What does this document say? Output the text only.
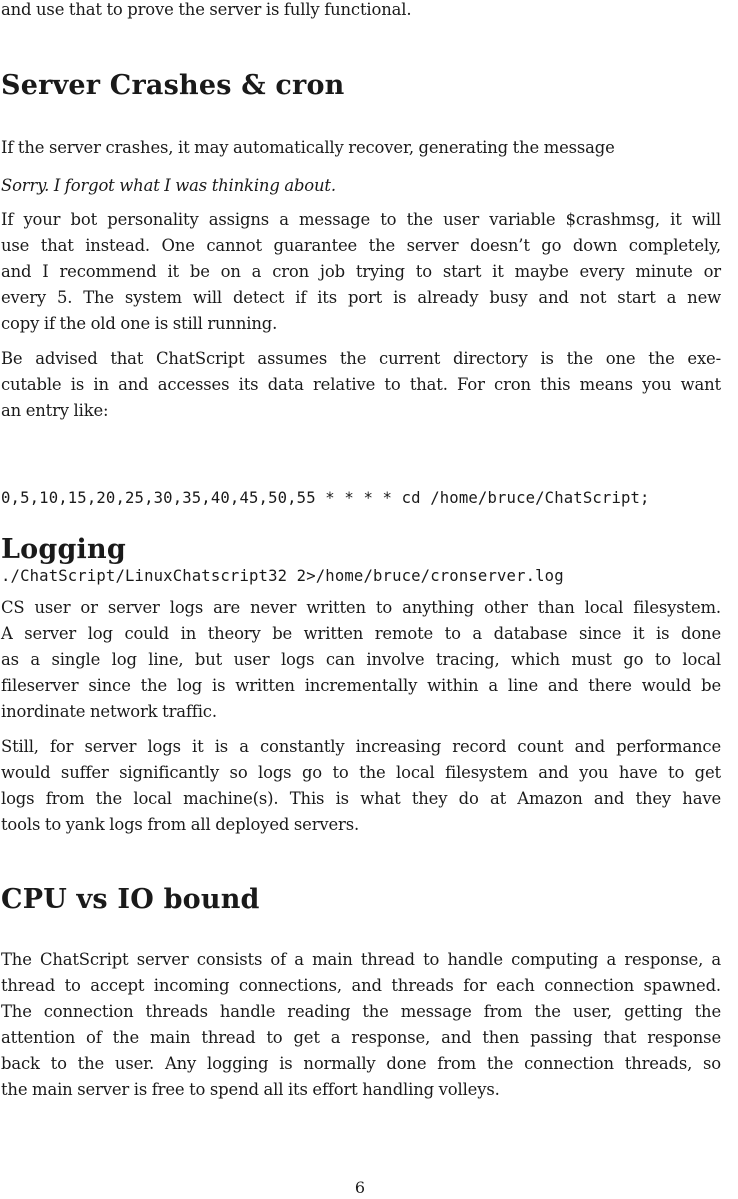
and use that to prove the server is fully functional.

Server Crashes & cron

If the server crashes, it may automatically recover, generating the message

Sorry. I forgot what I was thinking about.

If your bot personality assigns a message to the user variable $crashmsg, it will
use that instead. One cannot guarantee the server doesn’t go down completely,
and I recommend it be on a cron job trying to start it maybe every minute or
every 5. The system will detect if its port is already busy and not start a new
copy if the old one is still running.

Be advised that ChatScript assumes the current directory is the one the exe-
cutable is in and accesses its data relative to that. For cron this means you want
an entry like:

0,5,10,15,20,25,30,35,40,45,50,55 * * * * cd /home/bruce/ChatScript;

./ChatScript/LinuxChatscript32 2>/home/bruce/cronserver.log

Logging

CS user or server logs are never written to anything other than local filesystem.
A server log could in theory be written remote to a database since it is done
as a single log line, but user logs can involve tracing, which must go to local
fileserver since the log is written incrementally within a line and there would be
inordinate network traffic.

Still, for server logs it is a constantly increasing record count and performance
would suffer significantly so logs go to the local filesystem and you have to get
logs from the local machine(s). This is what they do at Amazon and they have
tools to yank logs from all deployed servers.

CPU vs IO bound

The ChatScript server consists of a main thread to handle computing a response, a
thread to accept incoming connections, and threads for each connection spawned.
The connection threads handle reading the message from the user, getting the
attention of the main thread to get a response, and then passing that response
back to the user. Any logging is normally done from the connection threads, so
the main server is free to spend all its effort handling volleys.

6
